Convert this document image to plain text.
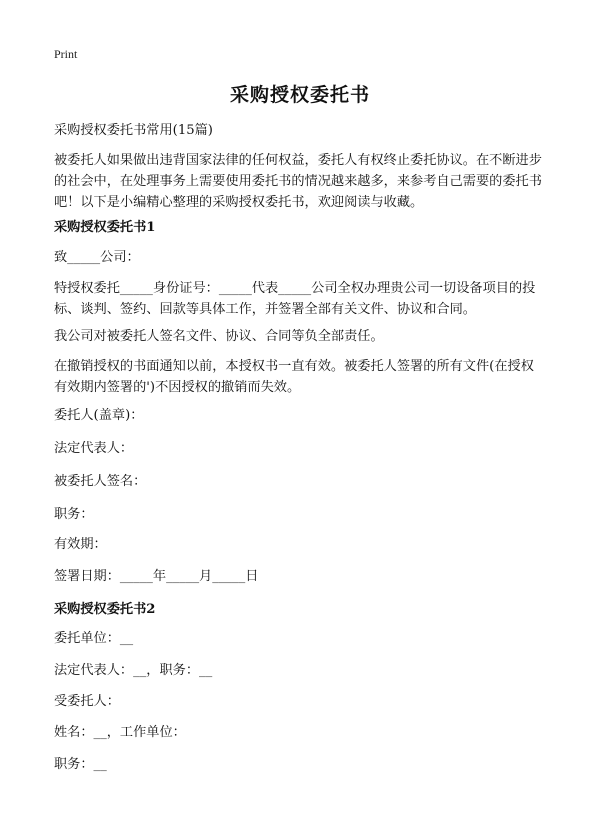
Print
采购授权委托书
采购授权委托书常用(15篇)
被委托人如果做出违背国家法律的任何权益，委托人有权终止委托协议。在不断进步的社会中，在处理事务上需要使用委托书的情况越来越多，来参考自己需要的委托书吧！以下是小编精心整理的采购授权委托书，欢迎阅读与收藏。
采购授权委托书1
致_____公司：
特授权委托_____身份证号：_____代表_____公司全权办理贵公司一切设备项目的投标、谈判、签约、回款等具体工作，并签署全部有关文件、协议和合同。
我公司对被委托人签名文件、协议、合同等负全部责任。
在撤销授权的书面通知以前，本授权书一直有效。被委托人签署的所有文件(在授权有效期内签署的')不因授权的撤销而失效。
委托人(盖章)：
法定代表人：
被委托人签名：
职务：
有效期：
签署日期：_____年_____月_____日
采购授权委托书2
委托单位：__
法定代表人：__，职务：__
受委托人：
姓名：__，工作单位：
职务：__
